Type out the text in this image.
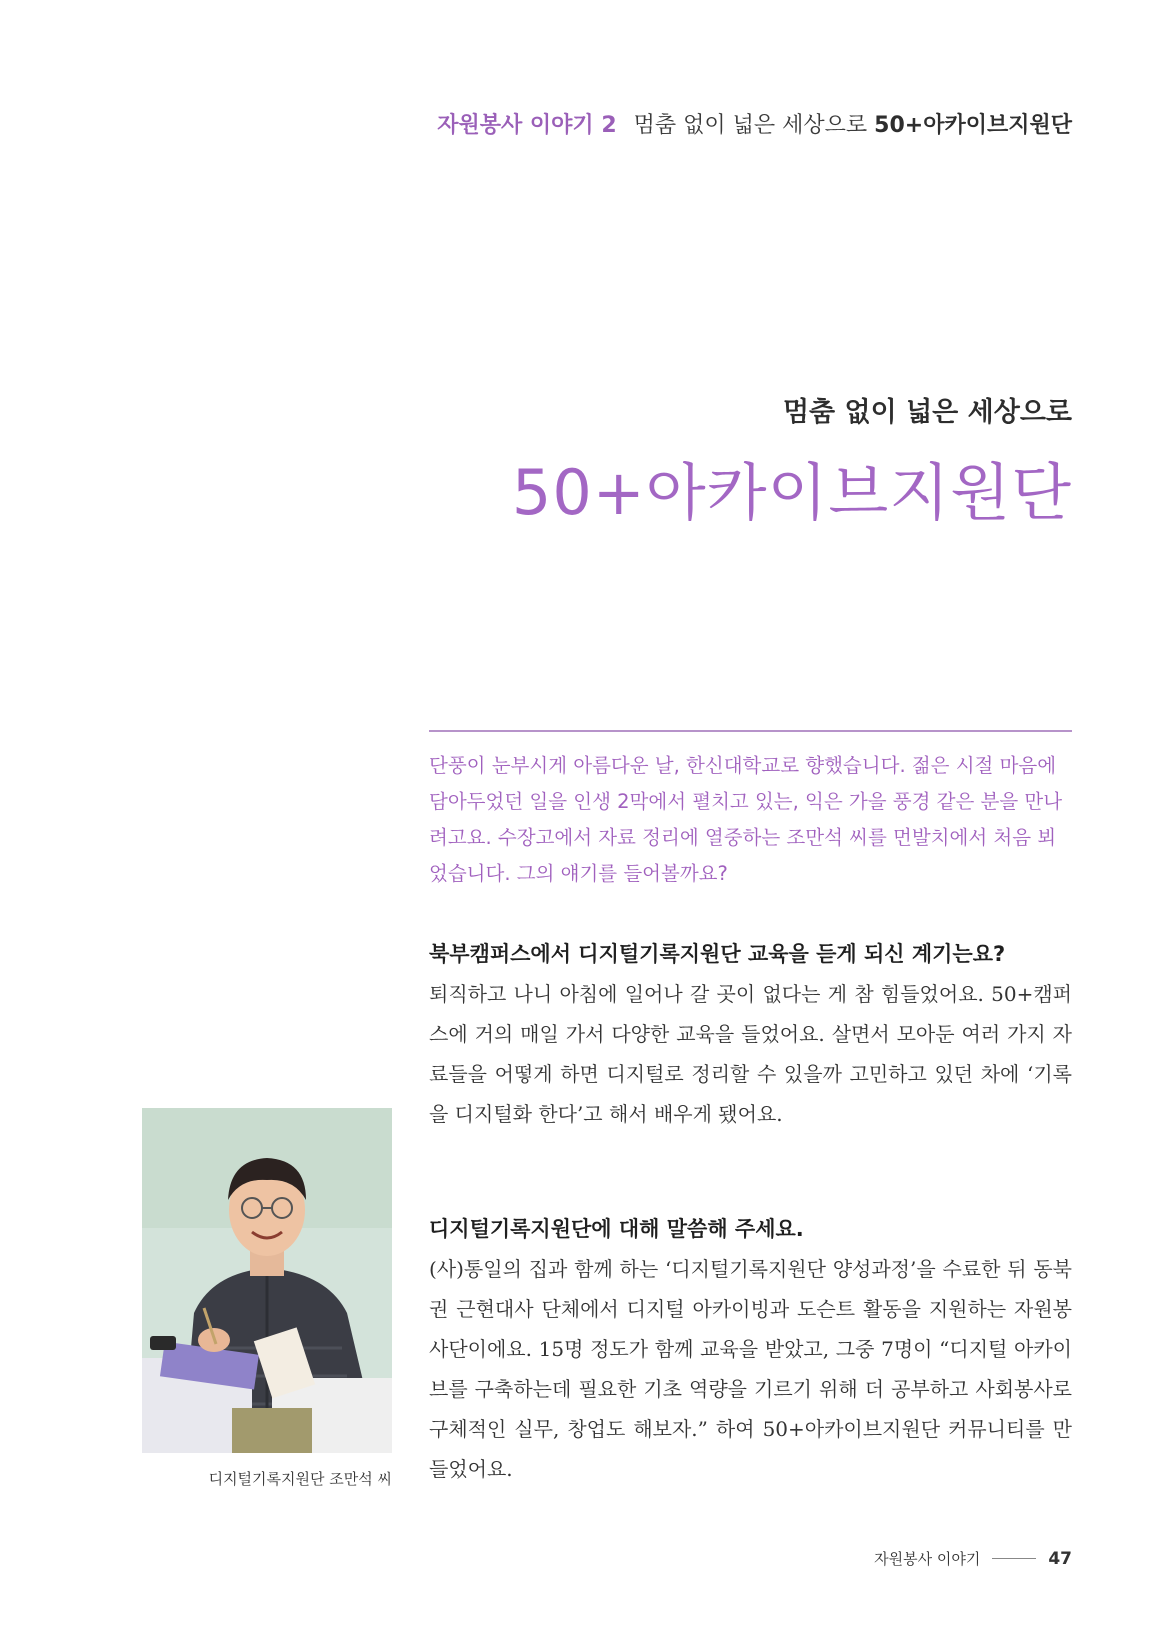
자원봉사 이야기 2 멈춤 없이 넓은 세상으로 50+아카이브지원단
멈춤 없이 넓은 세상으로
50+아카이브지원단
단풍이 눈부시게 아름다운 날, 한신대학교로 향했습니다. 젊은 시절 마음에 담아두었던 일을 인생 2막에서 펼치고 있는, 익은 가을 풍경 같은 분을 만나려고요. 수장고에서 자료 정리에 열중하는 조만석 씨를 먼발치에서 처음 뵈었습니다. 그의 얘기를 들어볼까요?
북부캠퍼스에서 디지털기록지원단 교육을 듣게 되신 계기는요?
퇴직하고 나니 아침에 일어나 갈 곳이 없다는 게 참 힘들었어요. 50+캠퍼스에 거의 매일 가서 다양한 교육을 들었어요. 살면서 모아둔 여러 가지 자료들을 어떻게 하면 디지털로 정리할 수 있을까 고민하고 있던 차에 ‘기록을 디지털화 한다’고 해서 배우게 됐어요.
디지털기록지원단에 대해 말씀해 주세요.
(사)통일의 집과 함께 하는 ‘디지털기록지원단 양성과정’을 수료한 뒤 동북권 근현대사 단체에서 디지털 아카이빙과 도슨트 활동을 지원하는 자원봉사단이에요. 15명 정도가 함께 교육을 받았고, 그중 7명이 “디지털 아카이브를 구축하는데 필요한 기초 역량을 기르기 위해 더 공부하고 사회봉사로 구체적인 실무, 창업도 해보자.” 하여 50+아카이브지원단 커뮤니티를 만들었어요.
디지털기록지원단 조만석 씨
자원봉사 이야기	47
